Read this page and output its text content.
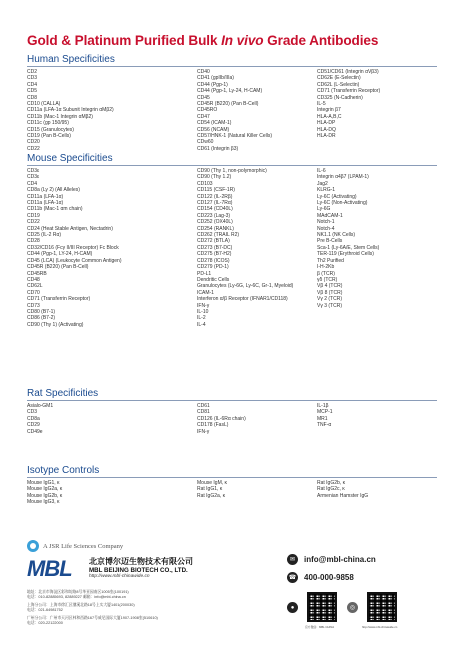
Gold & Platinum Purified Bulk In vivo Grade Antibodies
Human Specificities
CD2
CD3
CD4
CD5
CD8
CD10 (CALLA)
CD11a (LFA-1α Subunit Integrin αMβ2)
CD11b (Mac-1 Integrin αMβ2)
CD11c (gp 150/95)
CD15 (Granulocytes)
CD19 (Pan B-Cells)
CD20
CD22
CD40
CD41 (gpIIb/IIIa)
CD44 (Pgp-1)
CD44 (Pgp-1, Ly-24, H-CAM)
CD45
CD45R (B220) (Pan B-Cell)
CD45RO
CD47
CD54 (ICAM-1)
CD56 (NCAM)
CD57/HNK-1 (Natural Killer Cells)
CDw60
CD61 (Integrin β3)
CD51/CD61 (Integrin αVβ3)
CD62E (E-Selectin)
CD62L (L-Selectin)
CD71 (Transferrin Receptor)
CD325 (N-Cadherin)
IL-5
Integrin β7
HLA-A,B,C
HLA-DP
HLA-DQ
HLA-DR
Mouse Specificities
CD3ε
CD3ε
CD4
CD8a (Ly 2) (All Alleles)
CD11a (LFA-1α)
CD11a (LFA-1α)
CD11b (Mac-1 αm chain)
CD19
CD22
CD24 (Heat Stable Antigen, Nectadrin)
CD25 (IL-2 Rα)
CD28
CD32/CD16 (Fcγ II/III Receptor) Fc Block
CD44 (Pgp-1, LY-24, H-CAM)
CD45 (LCA) (Leukocyte Common Antigen)
CD45R (B220) (Pan B-Cell)
CD45RB
CD48
CD62L
CD70
CD71 (Transferrin Receptor)
CD73
CD80 (B7-1)
CD86 (B7-2)
CD90 (Thy 1) (Activating)
CD90 (Thy 1, non-polymorphic)
CD90 (Thy 1.2)
CD103
CD115 (CSF-1R)
CD122 (IL-2Rβ)
CD127 (IL-7Rα)
CD154 (CD40L)
CD223 (Lag-3)
CD252 (OX40L)
CD254 (RANKL)
CD262 (TRAIL R2)
CD272 (BTLA)
CD273 (B7-DC)
CD275 (B7-H2)
CD278 (ICOS)
CD279 (PD-1)
PD-L1
Dendritic Cells
Granulocytes (Ly-6G, Ly-6C, Gr-1, Myeloid)
ICAM-1
Interferon α/β Receptor (IFNAR1/CD118)
IFN-γ
IL-10
IL-2
IL-4
IL-6
Integrin α4β7 (LPAM-1)
Jag2
KLRG-1
Ly-6C (Activating)
Ly-6C (Non-Activating)
Ly-6G
MAdCAM-1
Notch-1
Notch-4
NK1.1 (NK Cells)
Pre B-Cells
Sca-1 (Ly-6A/E, Stem Cells)
TER-119 (Erythroid Cells)
Th2 Purified
I-H-2Kb
β (TCR)
γδ (TCR)
Vβ 4 (TCR)
Vβ 8 (TCR)
Vγ 2 (TCR)
Vγ 3 (TCR)
Rat Specificities
Asialo-GM1
CD3
CD8a
CD29
CD49e
CD61
CD81
CD126 (IL-6Rα chain)
CD178 (FasL)
IFN-γ
IL-1β
MCP-1
MR1
TNF-α
Isotype Controls
Mouse IgG1, κ
Mouse IgG2a, κ
Mouse IgG2b, κ
Mouse IgG3, κ
Mouse IgM, κ
Rat IgG1, κ
Rat IgG2a, κ
Rat IgG2b, κ
Rat IgG2c, κ
Armenian Hamster IgG
A JSR Life Sciences Company
MBL 北京博尔迈生物技术有限公司
MBL BEIJING BIOTECH CO., LTD.
http://www.mbl-chinawide.cn

地址：北京市海淀区彩和坊路8号华亚园南区1005室(100191)
电话：010-82885693, 82889227 邮箱：info@mbl-china.cn

上海分公司：上海市徐汇区漕溪北路18号上实大厦1401(200030)
电话：021-64981752

广州分公司：广州市天河区林和西路167号威尼国际大厦1907-1908室(510610)
电话：020-22122000

✉	info@mbl-china.cn
☎ 400-000-9858
●
官方微信：MBL CHINA
◎
http://www.mbl-chinawide.cn
